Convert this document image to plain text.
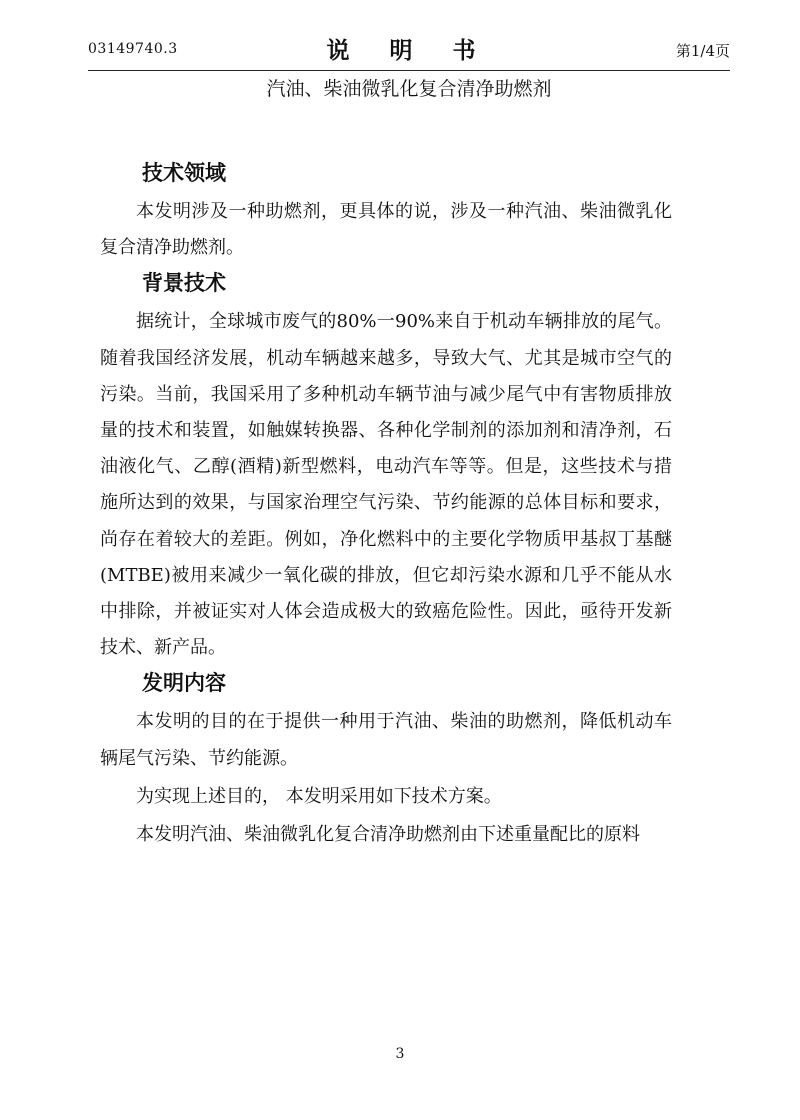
03149740.3	说 明 书	第1/4页
汽油、柴油微乳化复合清净助燃剂
技术领域

本发明涉及一种助燃剂，更具体的说，涉及一种汽油、柴油微乳化复合清净助燃剂。

背景技术

据统计，全球城市废气的80%一90%来自于机动车辆排放的尾气。随着我国经济发展，机动车辆越来越多，导致大气、尤其是城市空气的污染。当前，我国采用了多种机动车辆节油与减少尾气中有害物质排放量的技术和装置，如触媒转换器、各种化学制剂的添加剂和清净剂，石油液化气、乙醇(酒精)新型燃料，电动汽车等等。但是，这些技术与措施所达到的效果，与国家治理空气污染、节约能源的总体目标和要求，尚存在着较大的差距。例如，净化燃料中的主要化学物质甲基叔丁基醚 (MTBE)被用来减少一氧化碳的排放，但它却污染水源和几乎不能从水中排除，并被证实对人体会造成极大的致癌危险性。因此，亟待开发新技术、新产品。

发明内容

本发明的目的在于提供一种用于汽油、柴油的助燃剂，降低机动车辆尾气污染、节约能源。

为实现上述目的， 本发明采用如下技术方案。

本发明汽油、柴油微乳化复合清净助燃剂由下述重量配比的原料

3
